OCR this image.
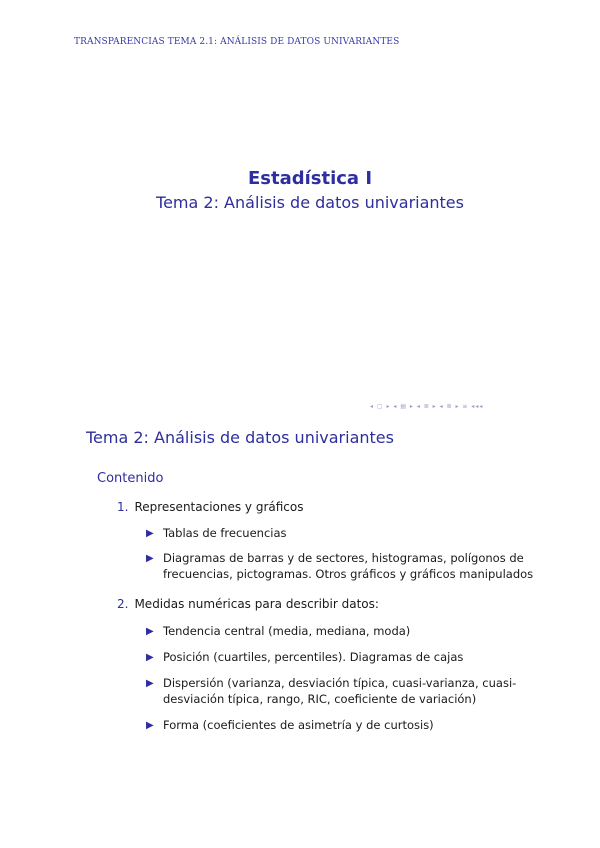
TRANSPARENCIAS TEMA 2.1: ANÁLISIS DE DATOS UNIVARIANTES
Estadística I
Tema 2: Análisis de datos univariantes
◂ ▢ ▸ ◂ ▤ ▸ ◂ ≣ ▸ ◂ ≣ ▸ ≡ ◂◂◂
Tema 2: Análisis de datos univariantes
Contenido
1. Representaciones y gráficos
▶ Tablas de frecuencias
▶ Diagramas de barras y de sectores, histogramas, polígonos de frecuencias, pictogramas. Otros gráficos y gráficos manipulados
2. Medidas numéricas para describir datos:
▶ Tendencia central (media, mediana, moda)
▶ Posición (cuartiles, percentiles). Diagramas de cajas
▶ Dispersión (varianza, desviación típica, cuasi-varianza, cuasi-desviación típica, rango, RIC, coeficiente de variación)
▶ Forma (coeficientes de asimetría y de curtosis)
